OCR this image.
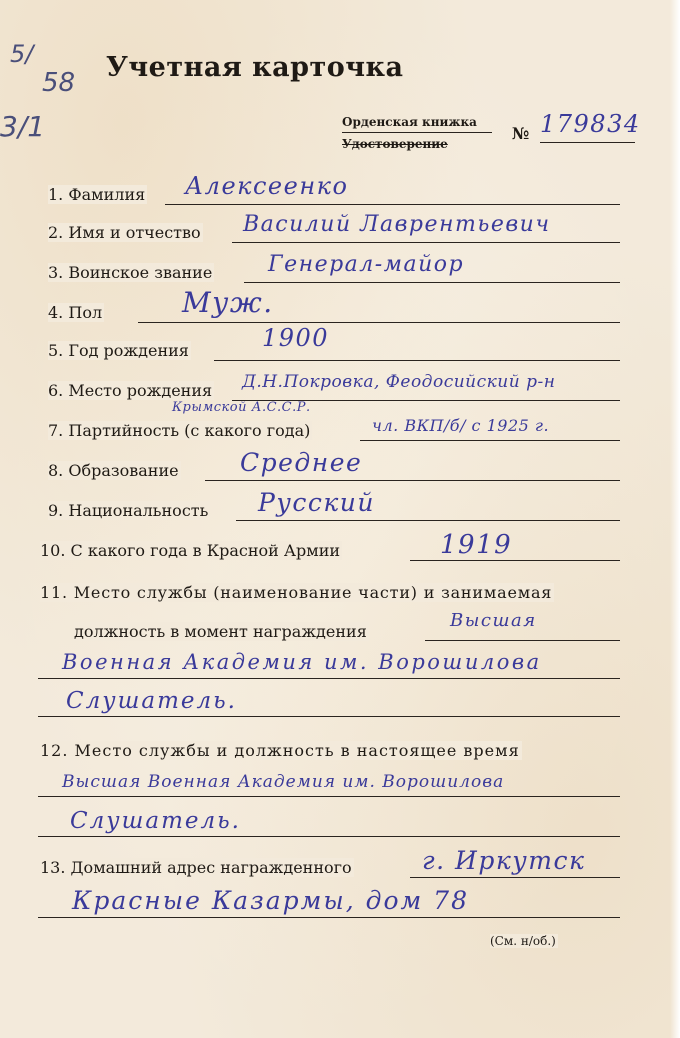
5/
58
3/1
Учетная карточка
Орденская книжка
Удостоверение
№ 179834
1. Фамилия Алексеенко
2. Имя и отчество Василий Лаврентьевич
3. Воинское звание	Генерал-майор
4. Пол	Муж.
5. Год рождения	1900
6. Место рождения Д.Н.Покровка, Феодосийский р-н
Крымской А.С.С.Р.
7. Партийность (с какого года)	чл. ВКП/б/ с 1925 г.
8. Образование Среднее
9. Национальность Русский
10. С какого года в Красной Армии	1919
11. Место службы (наименование части) и занимаемая
должность в момент награждения
Высшая
Военная Академия им. Ворошилова
Слушатель.
12. Место службы и должность в настоящее время
Высшая Военная Академия им. Ворошилова
Слушатель.
13. Домашний адрес награжденного	г. Иркутск
Красные Казармы, дом 78
(См. н/об.)
